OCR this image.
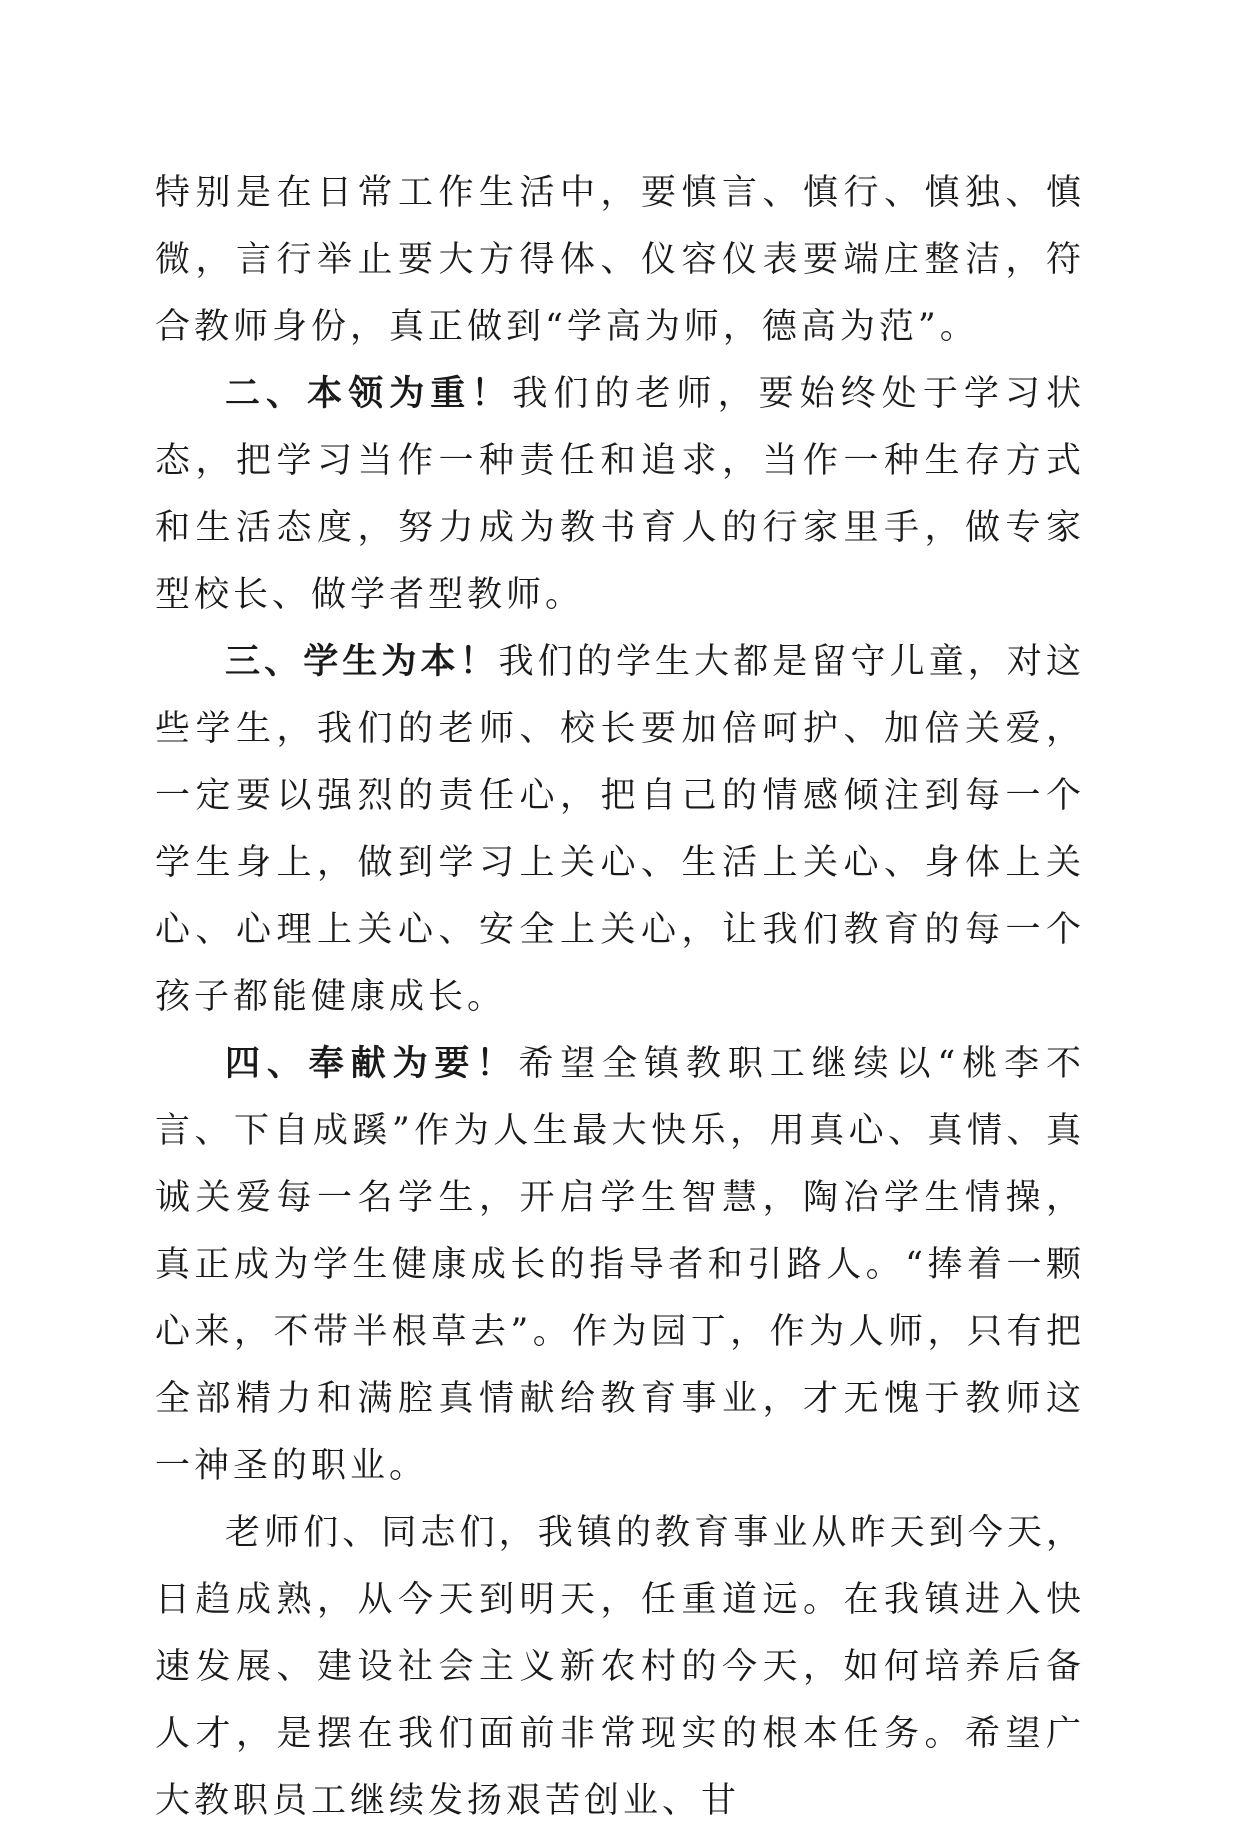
特别是在日常工作生活中，要慎言、慎行、慎独、慎微，言行举止要大方得体、仪容仪表要端庄整洁，符合教师身份，真正做到“学高为师，德高为范”。

二、本领为重！我们的老师，要始终处于学习状态，把学习当作一种责任和追求，当作一种生存方式和生活态度，努力成为教书育人的行家里手，做专家型校长、做学者型教师。

三、学生为本！我们的学生大都是留守儿童，对这些学生，我们的老师、校长要加倍呵护、加倍关爱，一定要以强烈的责任心，把自己的情感倾注到每一个学生身上，做到学习上关心、生活上关心、身体上关心、心理上关心、安全上关心，让我们教育的每一个孩子都能健康成长。

四、奉献为要！希望全镇教职工继续以“桃李不言、下自成蹊”作为人生最大快乐，用真心、真情、真诚关爱每一名学生，开启学生智慧，陶冶学生情操，真正成为学生健康成长的指导者和引路人。“捧着一颗心来，不带半根草去”。作为园丁，作为人师，只有把全部精力和满腔真情献给教育事业，才无愧于教师这一神圣的职业。

老师们、同志们，我镇的教育事业从昨天到今天，日趋成熟，从今天到明天，任重道远。在我镇进入快速发展、建设社会主义新农村的今天，如何培养后备人才，是摆在我们面前非常现实的根本任务。希望广大教职员工继续发扬艰苦创业、甘
